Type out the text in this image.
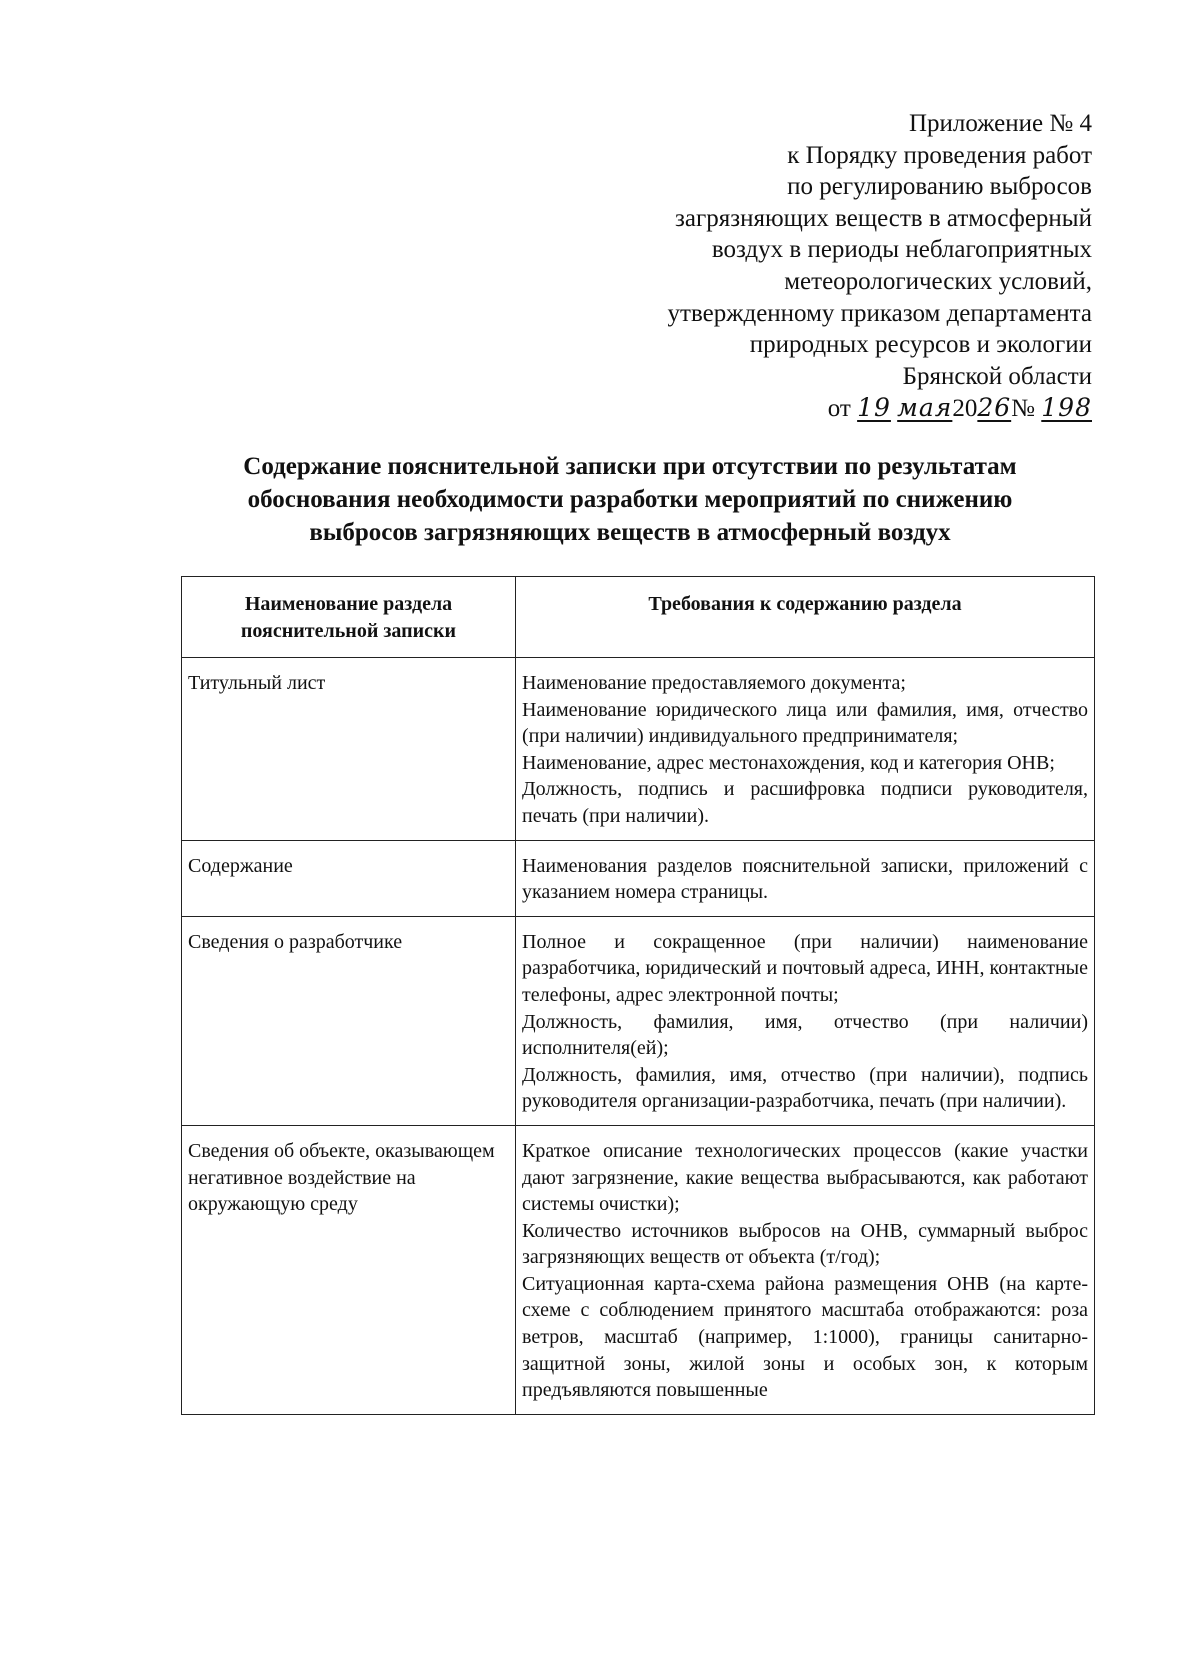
Приложение № 4
к Порядку проведения работ
по регулированию выбросов
загрязняющих веществ в атмосферный
воздух в периоды неблагоприятных
метеорологических условий,
утвержденному приказом департамента
природных ресурсов и экологии
Брянской области
от 19 мая2026№ 198
Содержание пояснительной записки при отсутствии по результатам
обоснования необходимости разработки мероприятий по снижению
выбросов загрязняющих веществ в атмосферный воздух
Наименование раздела пояснительной записки	Требования к содержанию раздела
Титульный лист	Наименование предоставляемого документа;
Наименование юридического лица или фамилия, имя, отчество (при наличии) индивидуального предпринимателя;
Наименование, адрес местонахождения, код и категория ОНВ;
Должность, подпись и расшифровка подписи руководителя, печать (при наличии).

Содержание	Наименования разделов пояснительной записки, приложений с указанием номера страницы.

Сведения о разработчике	Полное и сокращенное (при наличии) наименование разработчика, юридический и почтовый адреса, ИНН, контактные телефоны, адрес электронной почты;
Должность, фамилия, имя, отчество (при наличии) исполнителя(ей);
Должность, фамилия, имя, отчество (при наличии), подпись руководителя организации-разработчика, печать (при наличии).

Сведения об объекте, оказывающем негативное воздействие на окружающую среду	Краткое описание технологических процессов (какие участки дают загрязнение, какие вещества выбрасываются, как работают системы очистки);
Количество источников выбросов на ОНВ, суммарный выброс загрязняющих веществ от объекта (т/год);
Ситуационная карта-схема района размещения ОНВ (на карте-схеме с соблюдением принятого масштаба отображаются: роза ветров, масштаб (например, 1:1000), границы санитарно-защитной зоны, жилой зоны и особых зон, к которым предъявляются повышенные
